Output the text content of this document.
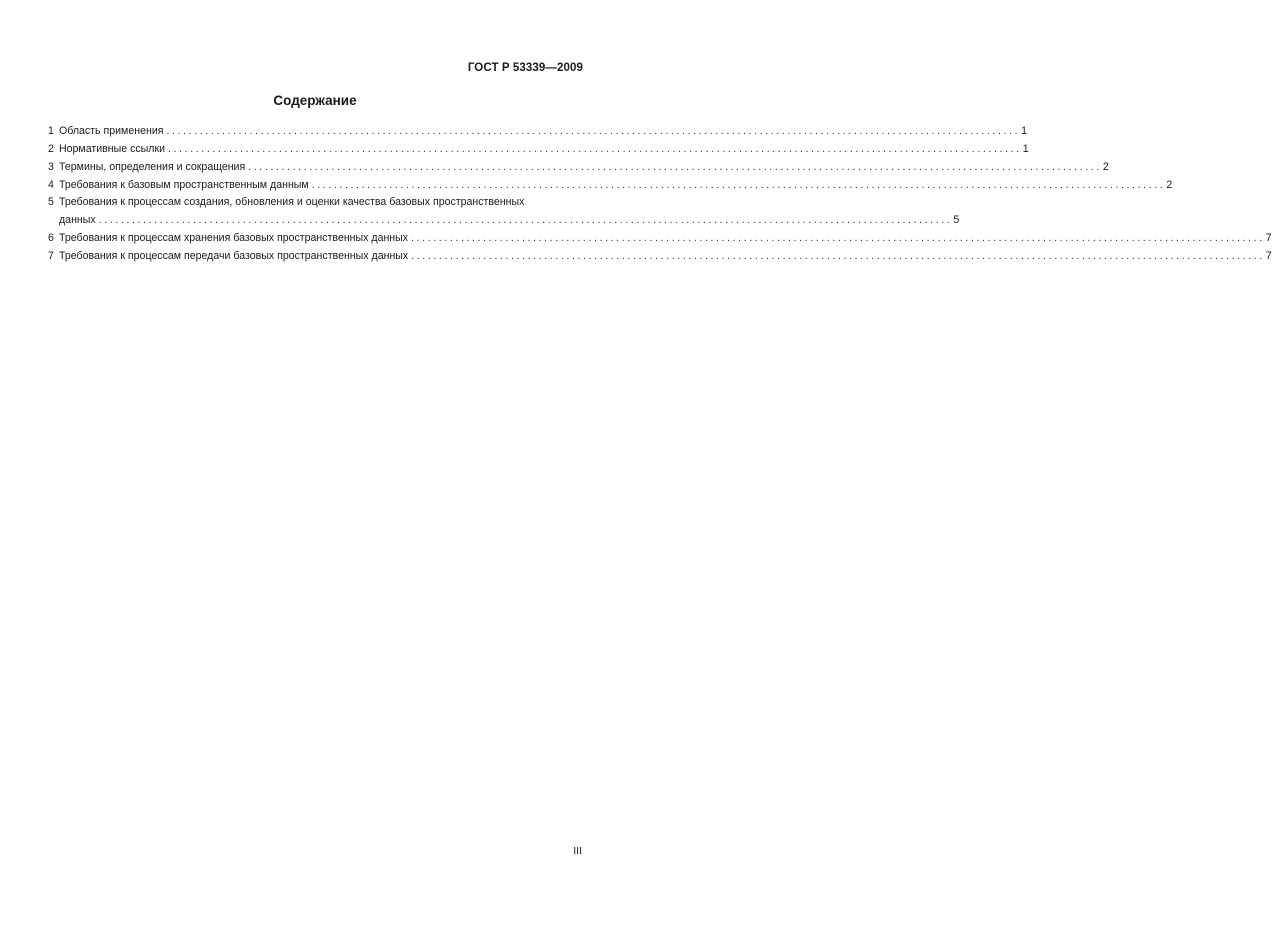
ГОСТ Р 53339—2009
Содержание
1 Область применения .......................................................................................................................................................... 1
2 Нормативные ссылки .......................................................................................................................................................... 1
3 Термины, определения и сокращения .......................................................................................................................................................... 2
4 Требования к базовым пространственным данным .......................................................................................................................................................... 2
5 Требования к процессам создания, обновления и оценки качества базовых пространственных
данных .......................................................................................................................................................... 5
6 Требования к процессам хранения базовых пространственных данных .......................................................................................................................................................... 7
7 Требования к процессам передачи базовых пространственных данных .......................................................................................................................................................... 7
III
